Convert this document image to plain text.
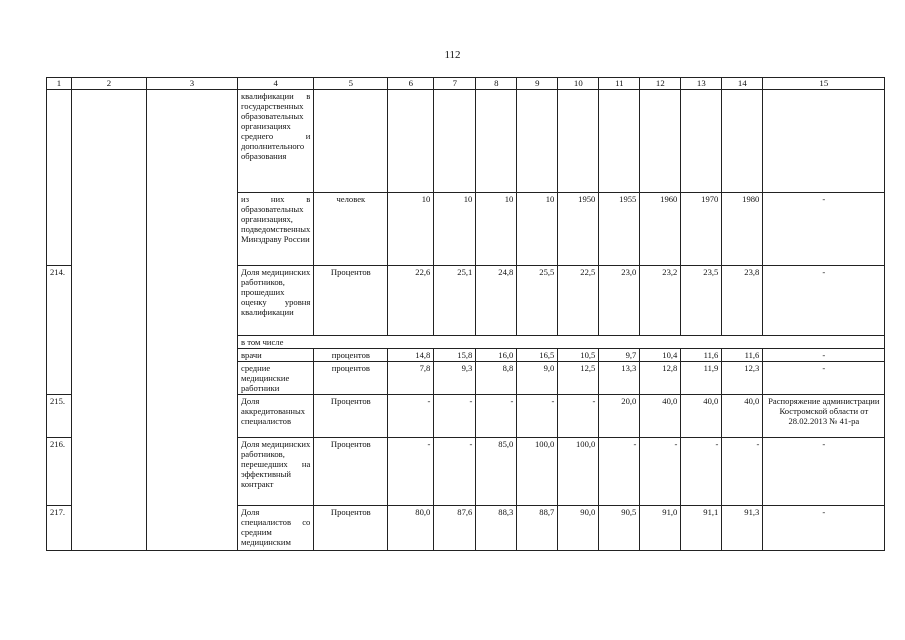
112
1	2	3	4	5	6	7	8	9	10	11	12	13	14	15
			квалификации в государственных образовательных организациях среднего и дополнительного образования											
			из них в образовательных организациях, подведомственных Минздраву России	человек	10	10	10	10	1950	1955	1960	1970	1980	-
214.			Доля медицинских работников, прошедших оценку уровня квалификации	Процентов	22,6	25,1	24,8	25,5	22,5	23,0	23,2	23,5	23,8	-
			в том числе											
			врачи	процентов	14,8	15,8	16,0	16,5	10,5	9,7	10,4	11,6	11,6	-
			средние медицинские работники	процентов	7,8	9,3	8,8	9,0	12,5	13,3	12,8	11,9	12,3	-
215.			Доля аккредитованных специалистов	Процентов	-	-	-	-	-	20,0	40,0	40,0	40,0	Распоряжение администрации Костромской области от 28.02.2013 № 41-ра
216.			Доля медицинских работников, перешедших на эффективный контракт	Процентов	-	-	85,0	100,0	100,0	-	-	-	-	-
217.			Доля специалистов со средним медицинским	Процентов	80,0	87,6	88,3	88,7	90,0	90,5	91,0	91,1	91,3	-
